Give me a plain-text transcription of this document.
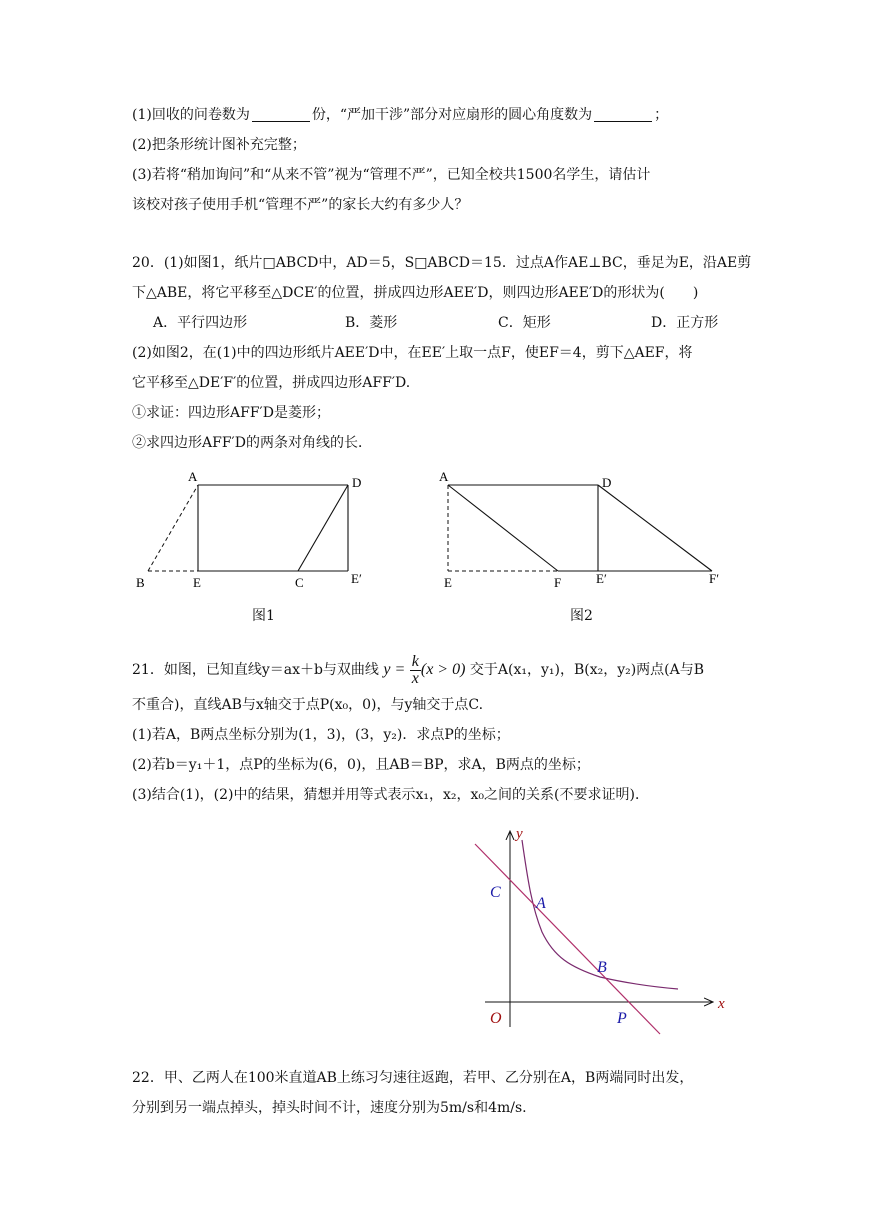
(1)回收的问卷数为	份，“严加干涉”部分对应扇形的圆心角度数为	；
(2)把条形统计图补充完整；
(3)若将“稍加询问”和“从来不管”视为“管理不严”，已知全校共1500名学生，请估计
该校对孩子使用手机“管理不严”的家长大约有多少人？
20．(1)如图1，纸片□ABCD中，AD＝5，S□ABCD＝15．过点A作AE⊥BC，垂足为E，沿AE剪
下△ABE，将它平移至△DCE′的位置，拼成四边形AEE′D，则四边形AEE′D的形状为(　　)
A．平行四边形	B．菱形	C．矩形	D．正方形
(2)如图2，在(1)中的四边形纸片AEE′D中，在EE′上取一点F，使EF＝4，剪下△AEF，将
它平移至△DE′F′的位置，拼成四边形AFF′D.
①求证：四边形AFF′D是菱形；
②求四边形AFF′D的两条对角线的长．
A	D
B	E	C	E′
图1
A	D
E	F	E′	F′
图2
21．如图，已知直线y＝ax＋b与双曲线 $y = \frac{k}{x} (x > 0)$ 交于A(x₁，y₁)，B(x₂，y₂)两点(A与B
不重合)，直线AB与x轴交于点P(x₀，0)，与y轴交于点C.
(1)若A，B两点坐标分别为(1，3)，(3，y₂)．求点P的坐标；
(2)若b＝y₁＋1，点P的坐标为(6，0)，且AB＝BP，求A，B两点的坐标；
(3)结合(1)，(2)中的结果，猜想并用等式表示x₁，x₂，x₀之间的关系(不要求证明)．
y
x
C
A
B
O	P
22．甲、乙两人在100米直道AB上练习匀速往返跑，若甲、乙分别在A，B两端同时出发，
分别到另一端点掉头，掉头时间不计，速度分别为5m/s和4m/s.
